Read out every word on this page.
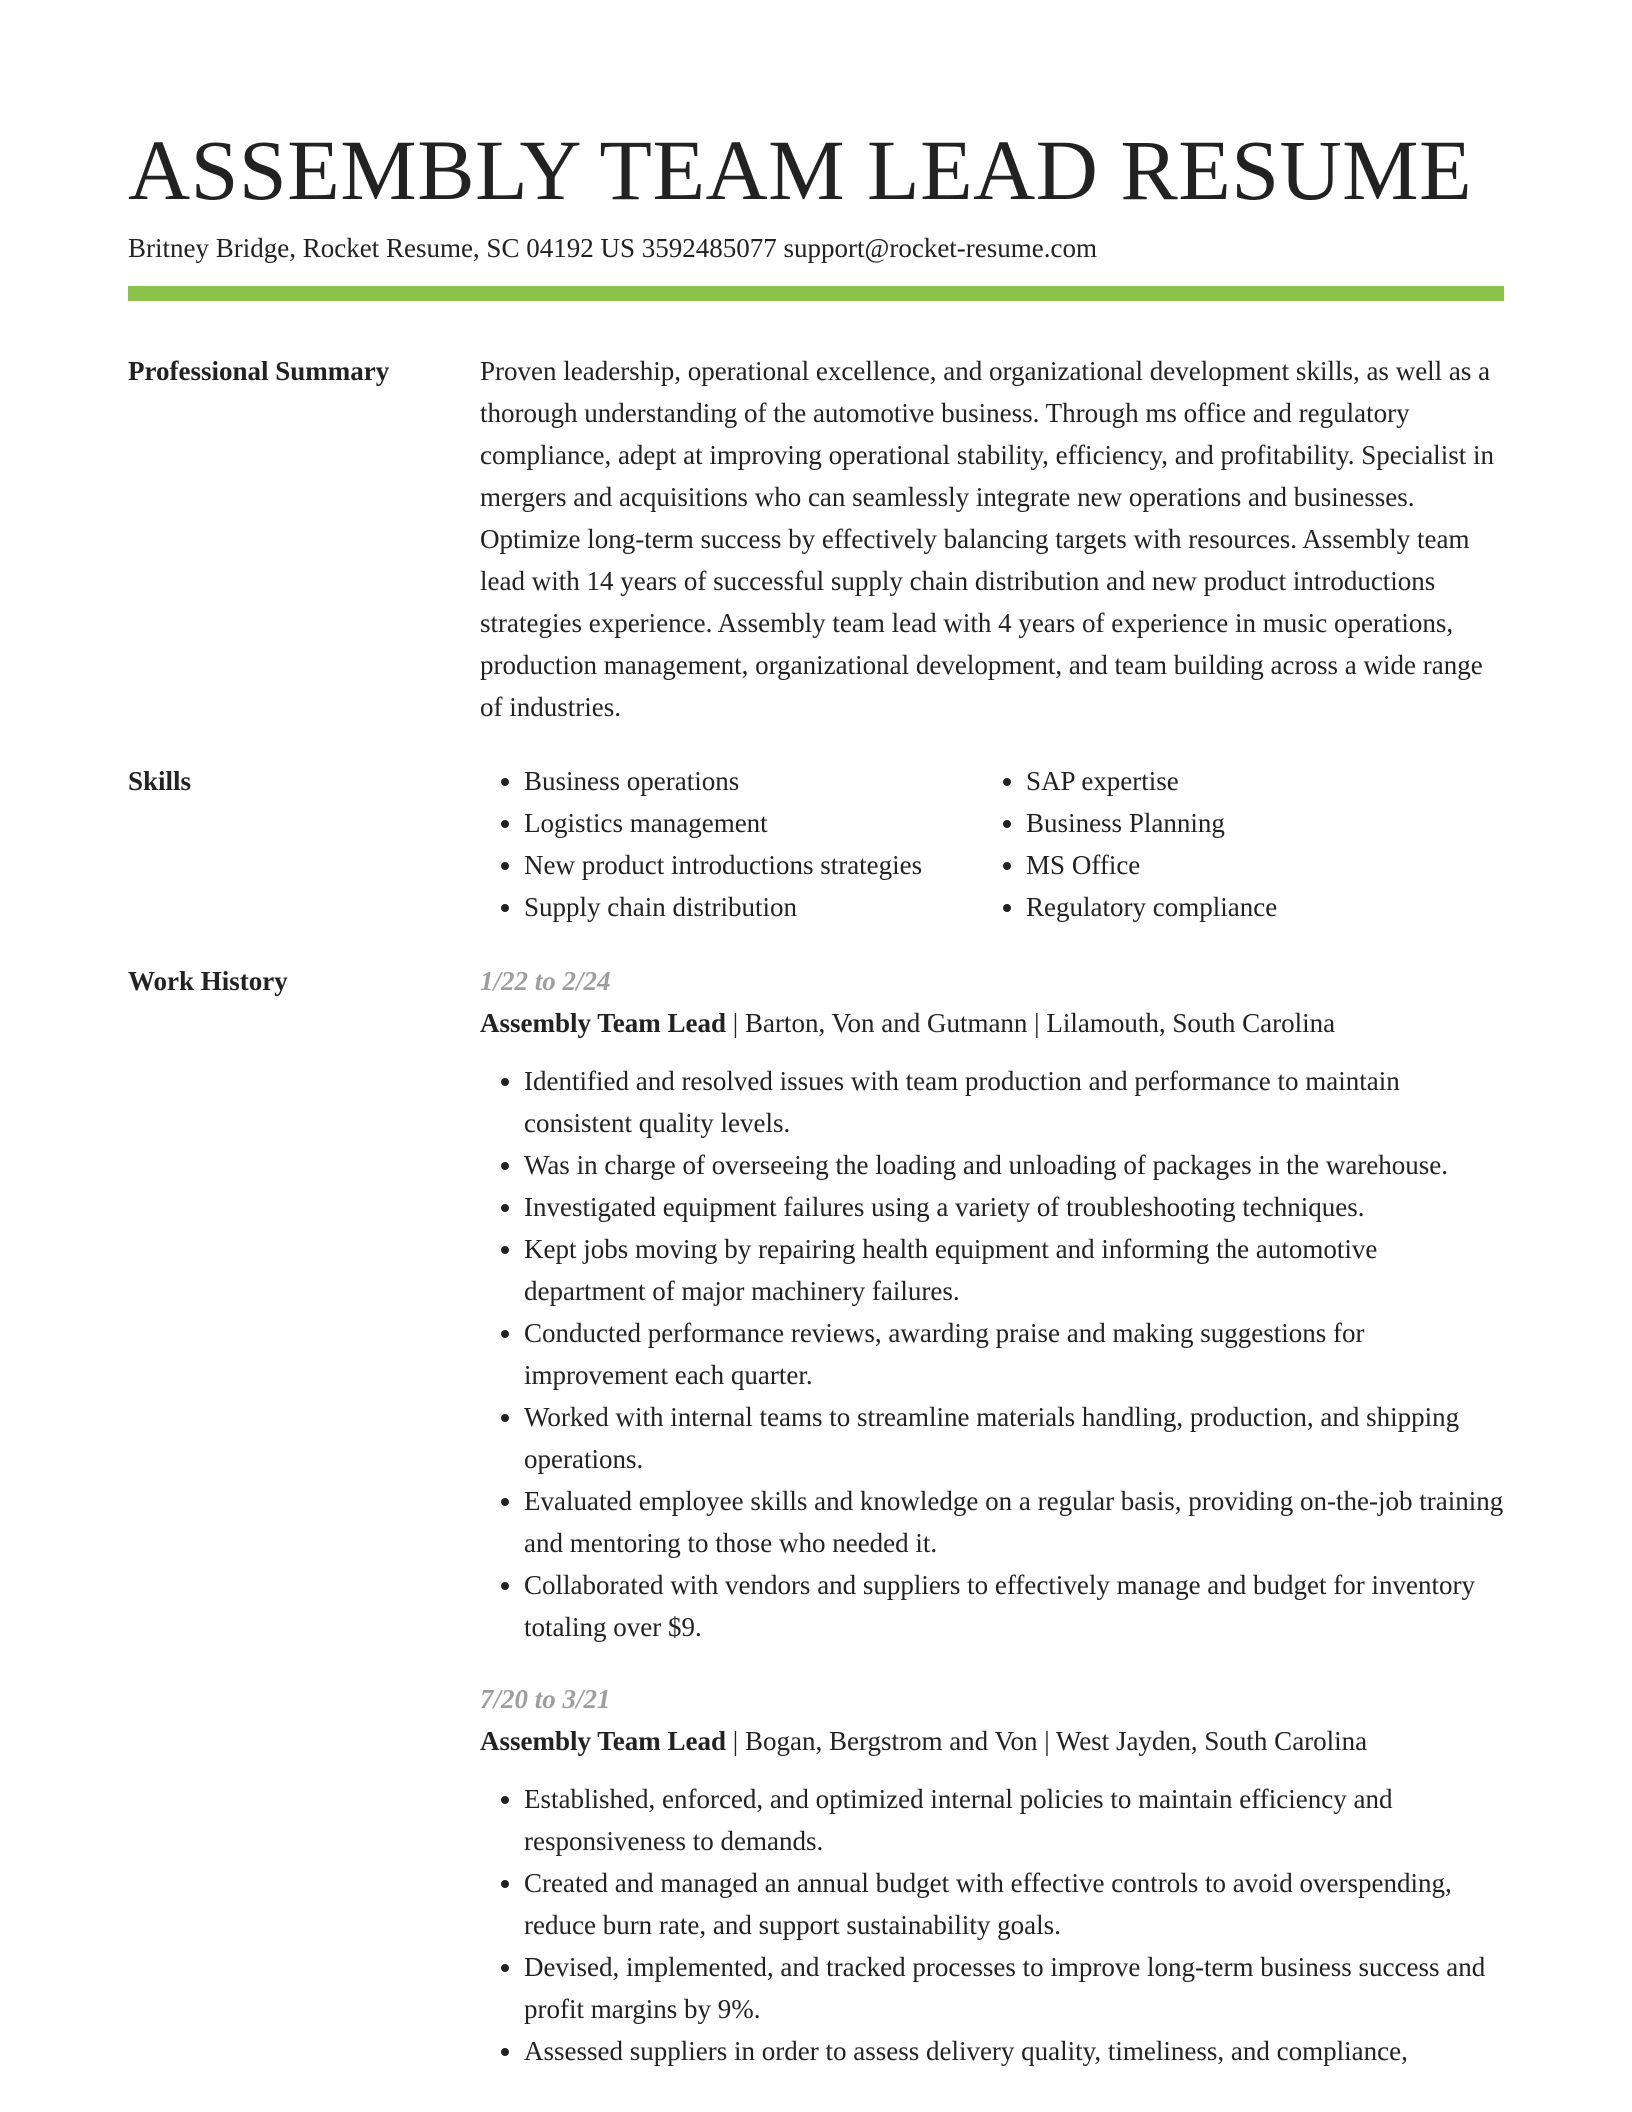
ASSEMBLY TEAM LEAD RESUME
Britney Bridge, Rocket Resume, SC 04192 US 3592485077 support@rocket-resume.com
Professional Summary	Proven leadership, operational excellence, and organizational development skills, as well as a thorough understanding of the automotive business. Through ms office and regulatory compliance, adept at improving operational stability, efficiency, and profitability. Specialist in mergers and acquisitions who can seamlessly integrate new operations and businesses. Optimize long-term success by effectively balancing targets with resources. Assembly team lead with 14 years of successful supply chain distribution and new product introductions strategies experience. Assembly team lead with 4 years of experience in music operations, production management, organizational development, and team building across a wide range of industries.

Skills
•	Business operations
• Logistics management
• New product introductions strategies
• Supply chain distribution
• SAP expertise
• Business Planning
• MS Office
• Regulatory compliance
Work History	1/22 to 2/24
Assembly Team Lead | Barton, Von and Gutmann | Lilamouth, South Carolina
• Identified and resolved issues with team production and performance to maintain consistent quality levels.
• Was in charge of overseeing the loading and unloading of packages in the warehouse.
• Investigated equipment failures using a variety of troubleshooting techniques.
• Kept jobs moving by repairing health equipment and informing the automotive department of major machinery failures.
• Conducted performance reviews, awarding praise and making suggestions for improvement each quarter.
• Worked with internal teams to streamline materials handling, production, and shipping operations.
• Evaluated employee skills and knowledge on a regular basis, providing on-the-job training and mentoring to those who needed it.
• Collaborated with vendors and suppliers to effectively manage and budget for inventory totaling over $9.
7/20 to 3/21
Assembly Team Lead | Bogan, Bergstrom and Von | West Jayden, South Carolina
• Established, enforced, and optimized internal policies to maintain efficiency and responsiveness to demands.
• Created and managed an annual budget with effective controls to avoid overspending, reduce burn rate, and support sustainability goals.
• Devised, implemented, and tracked processes to improve long-term business success and profit margins by 9%.
• Assessed suppliers in order to assess delivery quality, timeliness, and compliance,
